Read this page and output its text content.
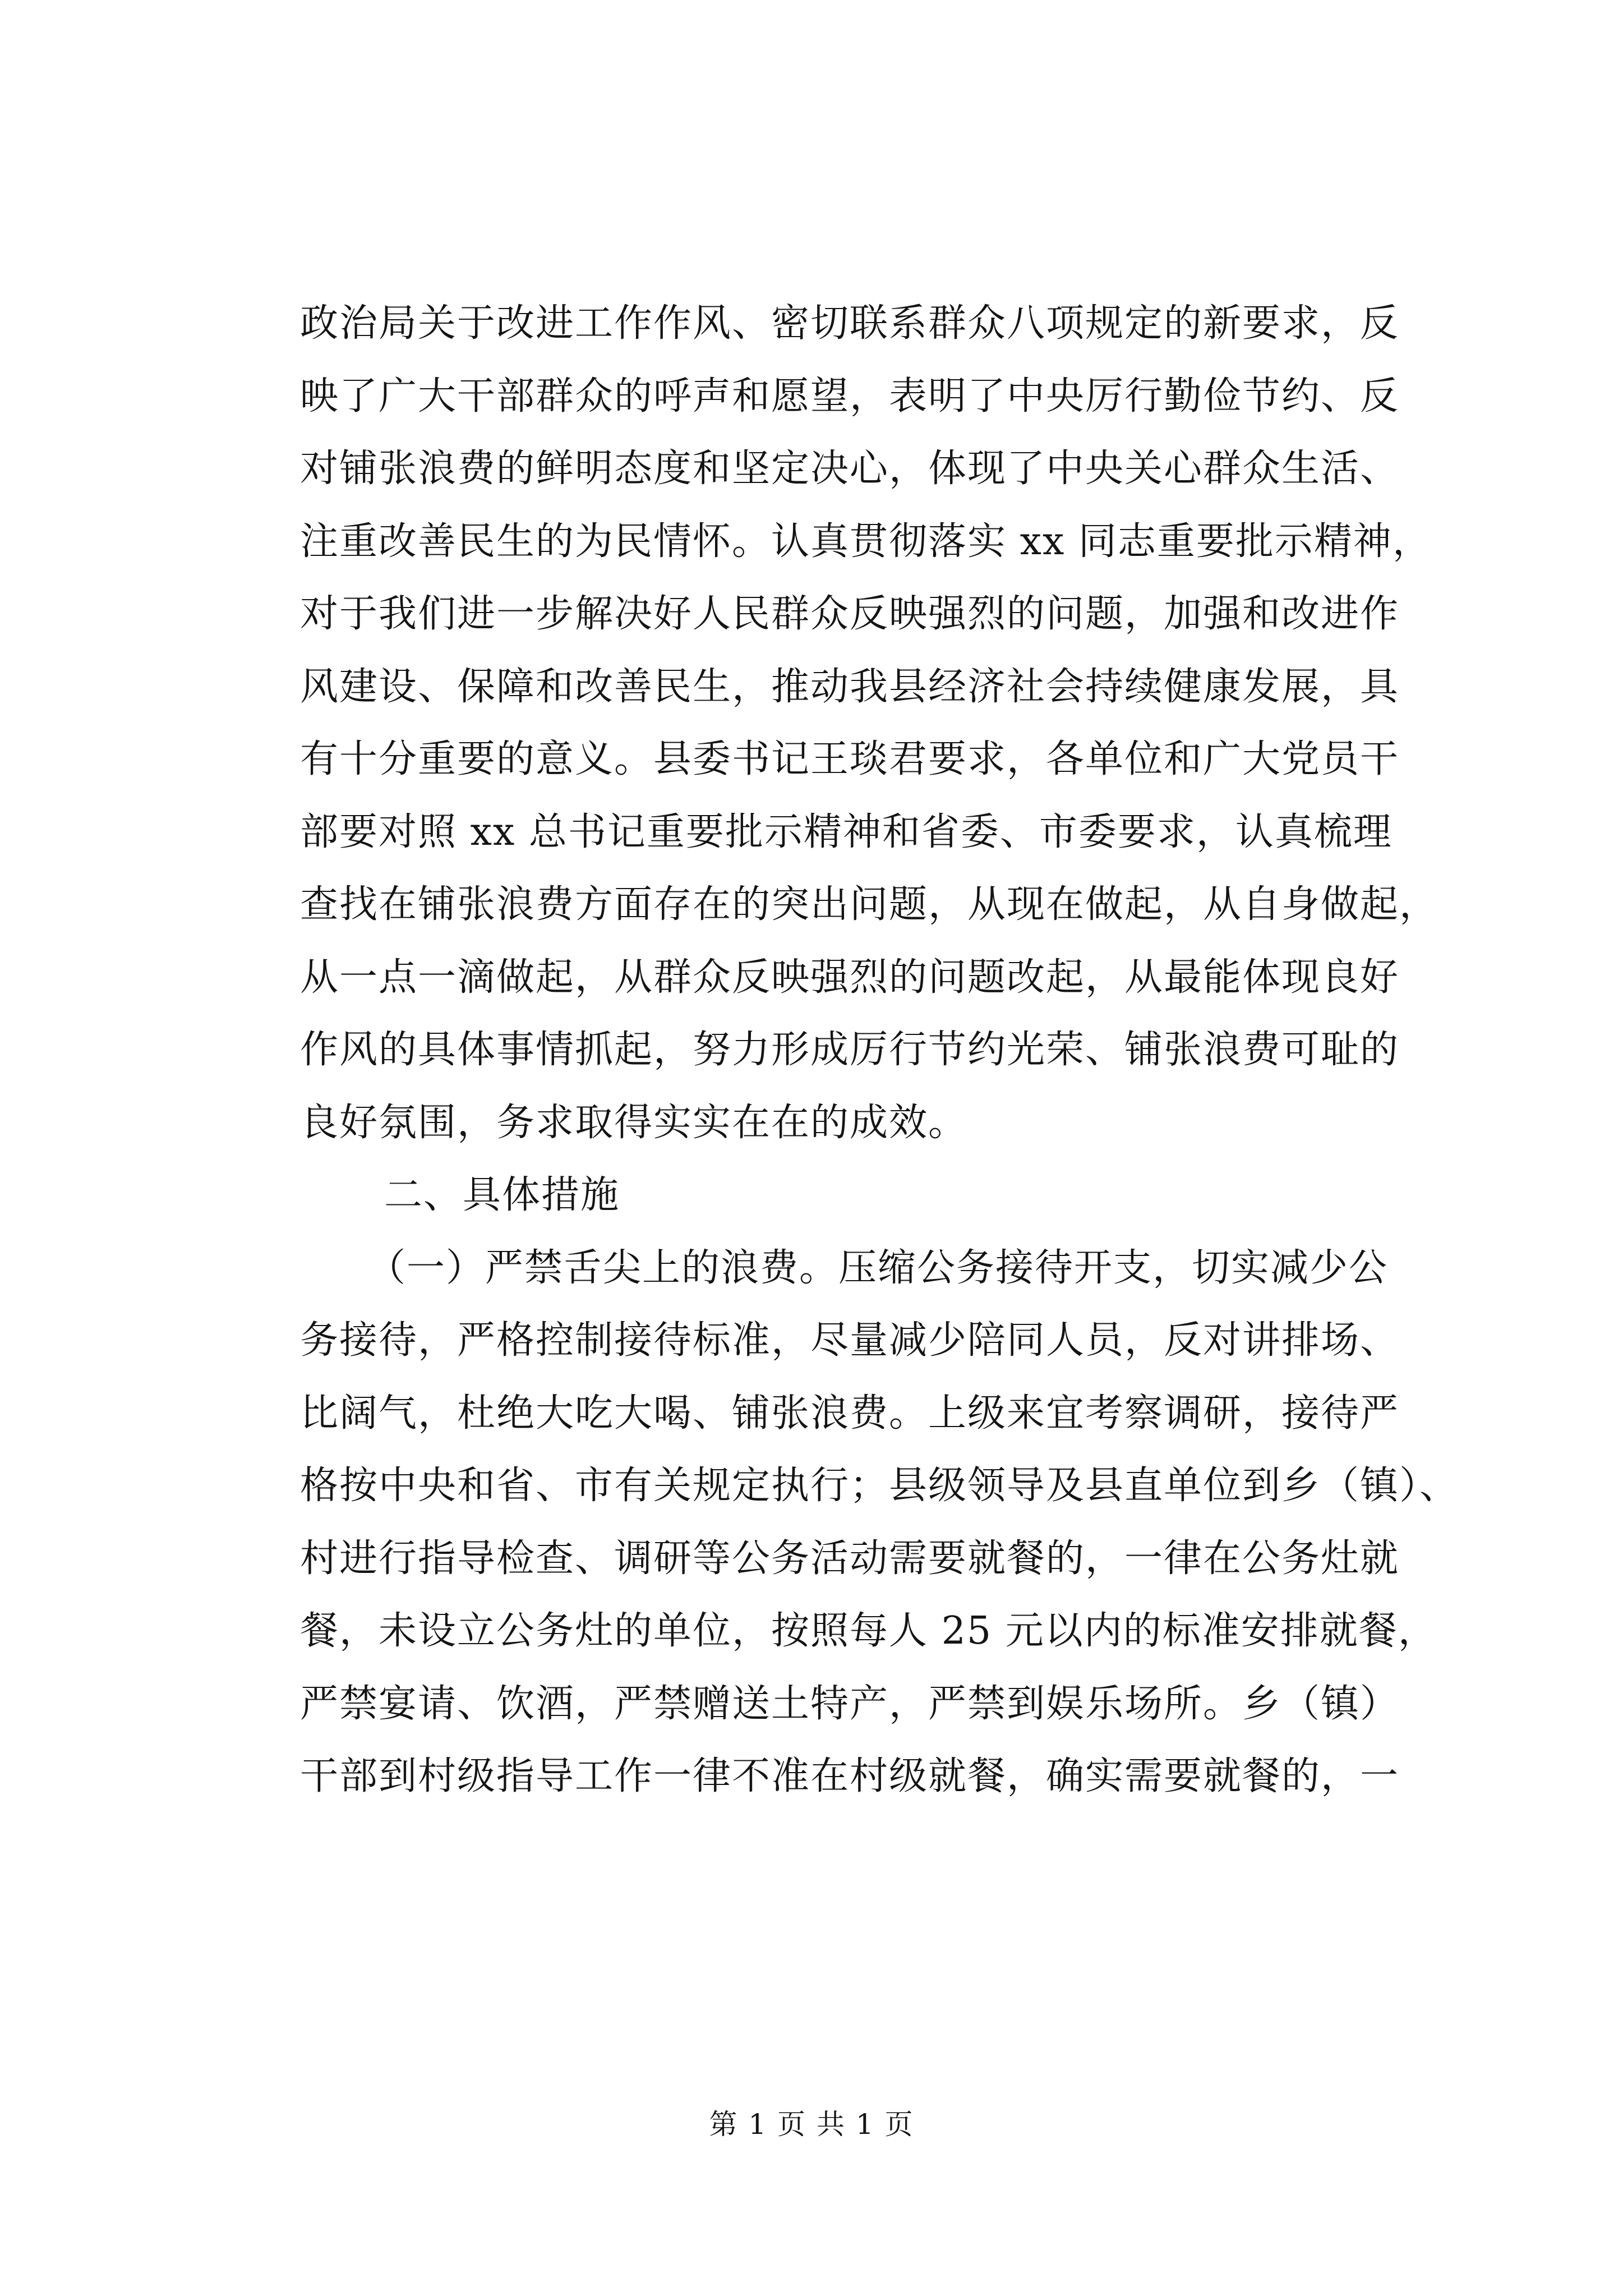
政治局关于改进工作作风、密切联系群众八项规定的新要求，反
映了广大干部群众的呼声和愿望，表明了中央厉行勤俭节约、反
对铺张浪费的鲜明态度和坚定决心，体现了中央关心群众生活、
注重改善民生的为民情怀。认真贯彻落实 xx 同志重要批示精神，
对于我们进一步解决好人民群众反映强烈的问题，加强和改进作
风建设、保障和改善民生，推动我县经济社会持续健康发展，具
有十分重要的意义。县委书记王琰君要求，各单位和广大党员干
部要对照 xx 总书记重要批示精神和省委、市委要求，认真梳理
查找在铺张浪费方面存在的突出问题，从现在做起，从自身做起，
从一点一滴做起，从群众反映强烈的问题改起，从最能体现良好
作风的具体事情抓起，努力形成厉行节约光荣、铺张浪费可耻的
良好氛围，务求取得实实在在的成效。
二、具体措施
（一）严禁舌尖上的浪费。压缩公务接待开支，切实减少公
务接待，严格控制接待标准，尽量减少陪同人员，反对讲排场、
比阔气，杜绝大吃大喝、铺张浪费。上级来宜考察调研，接待严
格按中央和省、市有关规定执行；县级领导及县直单位到乡（镇）、
村进行指导检查、调研等公务活动需要就餐的，一律在公务灶就
餐，未设立公务灶的单位，按照每人 25 元以内的标准安排就餐，
严禁宴请、饮酒，严禁赠送土特产，严禁到娱乐场所。乡（镇）
干部到村级指导工作一律不准在村级就餐，确实需要就餐的，一
第 1 页 共 1 页
